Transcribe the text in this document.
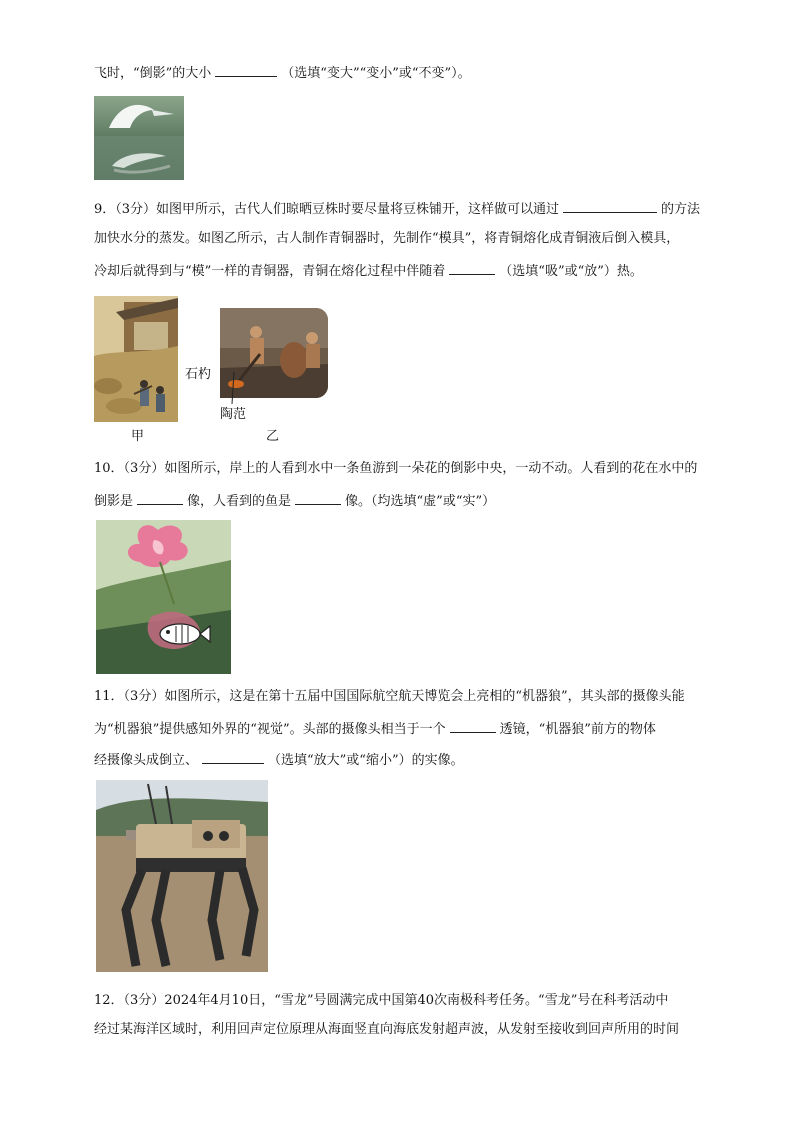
飞时，“倒影”的大小	（选填“变大”“变小”或“不变”）。
9．（3分）如图甲所示，古代人们晾晒豆株时要尽量将豆株铺开，这样做可以通过	的方法
加快水分的蒸发。如图乙所示，古人制作青铜器时，先制作“模具”，将青铜熔化成青铜液后倒入模具，
冷却后就得到与“模”一样的青铜器，青铜在熔化过程中伴随着	（选填“吸”或“放”）热。
甲
石杓
陶范
乙
10．（3分）如图所示，岸上的人看到水中一条鱼游到一朵花的倒影中央，一动不动。人看到的花在水中的
倒影是	像，人看到的鱼是	像。（均选填“虚”或“实”）
11．（3分）如图所示，这是在第十五届中国国际航空航天博览会上亮相的“机器狼”，其头部的摄像头能
为“机器狼”提供感知外界的“视觉”。头部的摄像头相当于一个	透镜，“机器狼”前方的物体
经摄像头成倒立、	（选填“放大”或“缩小”）的实像。
12．（3分）2024年4月10日，“雪龙”号圆满完成中国第40次南极科考任务。“雪龙”号在科考活动中
经过某海洋区域时，利用回声定位原理从海面竖直向海底发射超声波，从发射至接收到回声所用的时间
